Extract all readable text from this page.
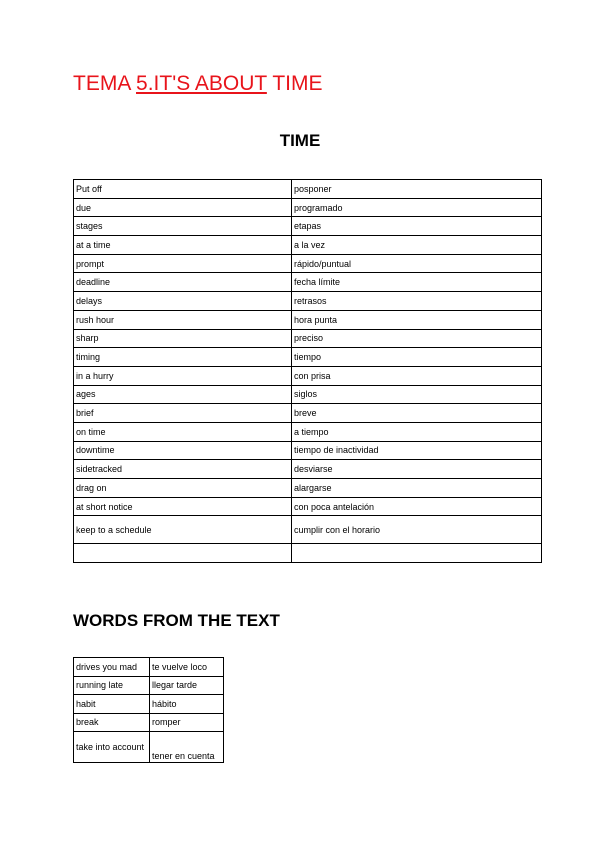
TEMA 5.IT'S ABOUT TIME
TIME
Put off	posponer
due	programado
stages	etapas
at a time	a la vez
prompt	rápido/puntual
deadline	fecha límite
delays	retrasos
rush hour	hora punta
sharp	preciso
timing	tiempo
in a hurry	con prisa
ages	siglos
brief	breve
on time	a tiempo
downtime	tiempo de inactividad
sidetracked	desviarse
drag on	alargarse
at short notice	con poca antelación
keep to a schedule	cumplir con el horario

WORDS FROM THE TEXT
drives you mad	te vuelve loco
running late	llegar tarde
habit	hábito
break	romper
take into account	tener en cuenta
